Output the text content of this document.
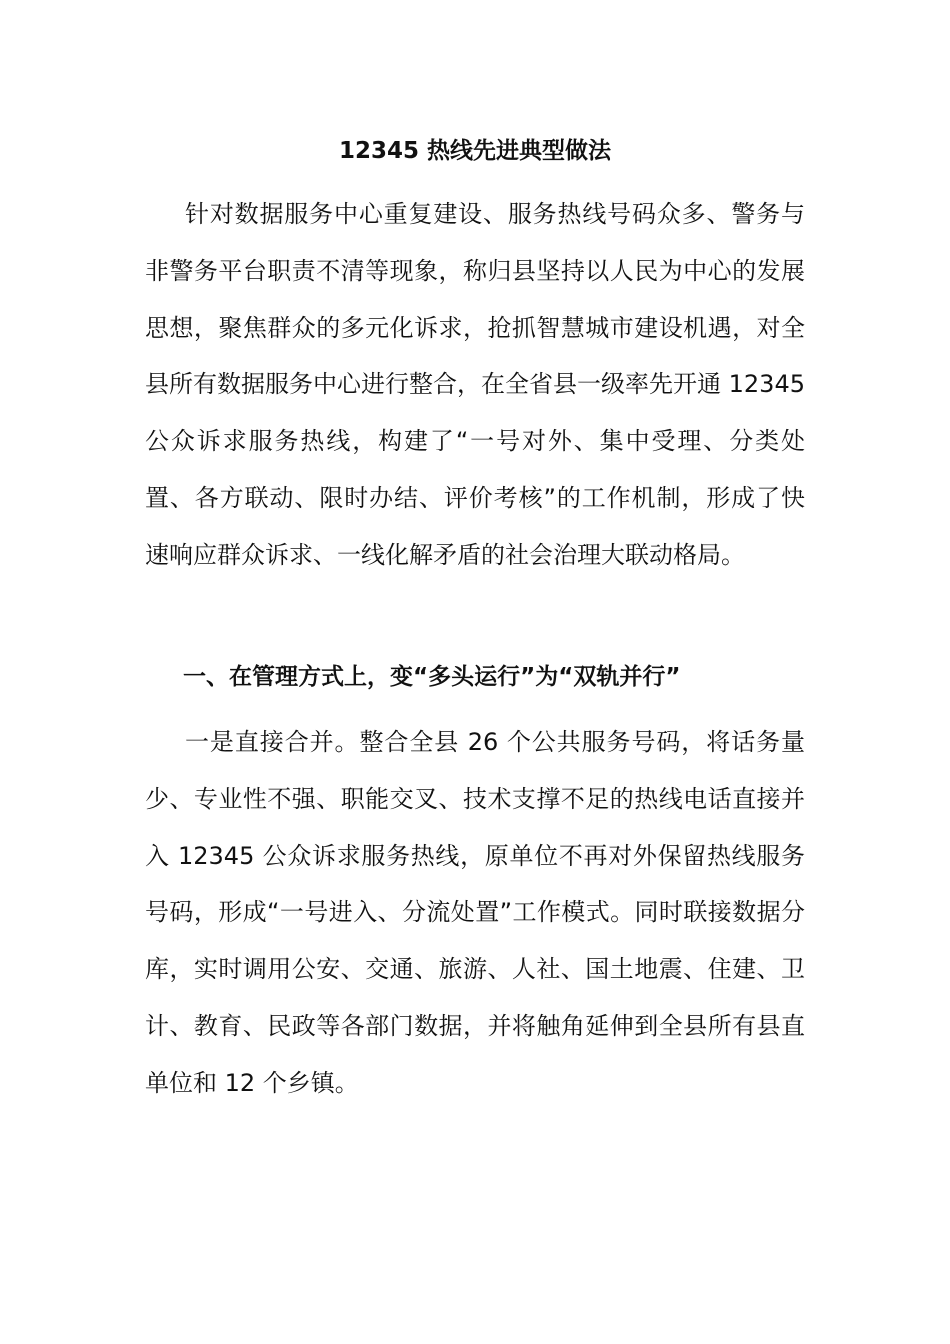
12345 热线先进典型做法

针对数据服务中心重复建设、服务热线号码众多、警务与非警务平台职责不清等现象，称归县坚持以人民为中心的发展思想，聚焦群众的多元化诉求，抢抓智慧城市建设机遇，对全县所有数据服务中心进行整合，在全省县一级率先开通 12345 公众诉求服务热线，构建了“一号对外、集中受理、分类处置、各方联动、限时办结、评价考核”的工作机制，形成了快速响应群众诉求、一线化解矛盾的社会治理大联动格局。

一、在管理方式上，变“多头运行”为“双轨并行”

一是直接合并。整合全县 26 个公共服务号码，将话务量少、专业性不强、职能交叉、技术支撑不足的热线电话直接并入 12345 公众诉求服务热线，原单位不再对外保留热线服务号码，形成“一号进入、分流处置”工作模式。同时联接数据分库，实时调用公安、交通、旅游、人社、国土地震、住建、卫计、教育、民政等各部门数据，并将触角延伸到全县所有县直单位和 12 个乡镇。
